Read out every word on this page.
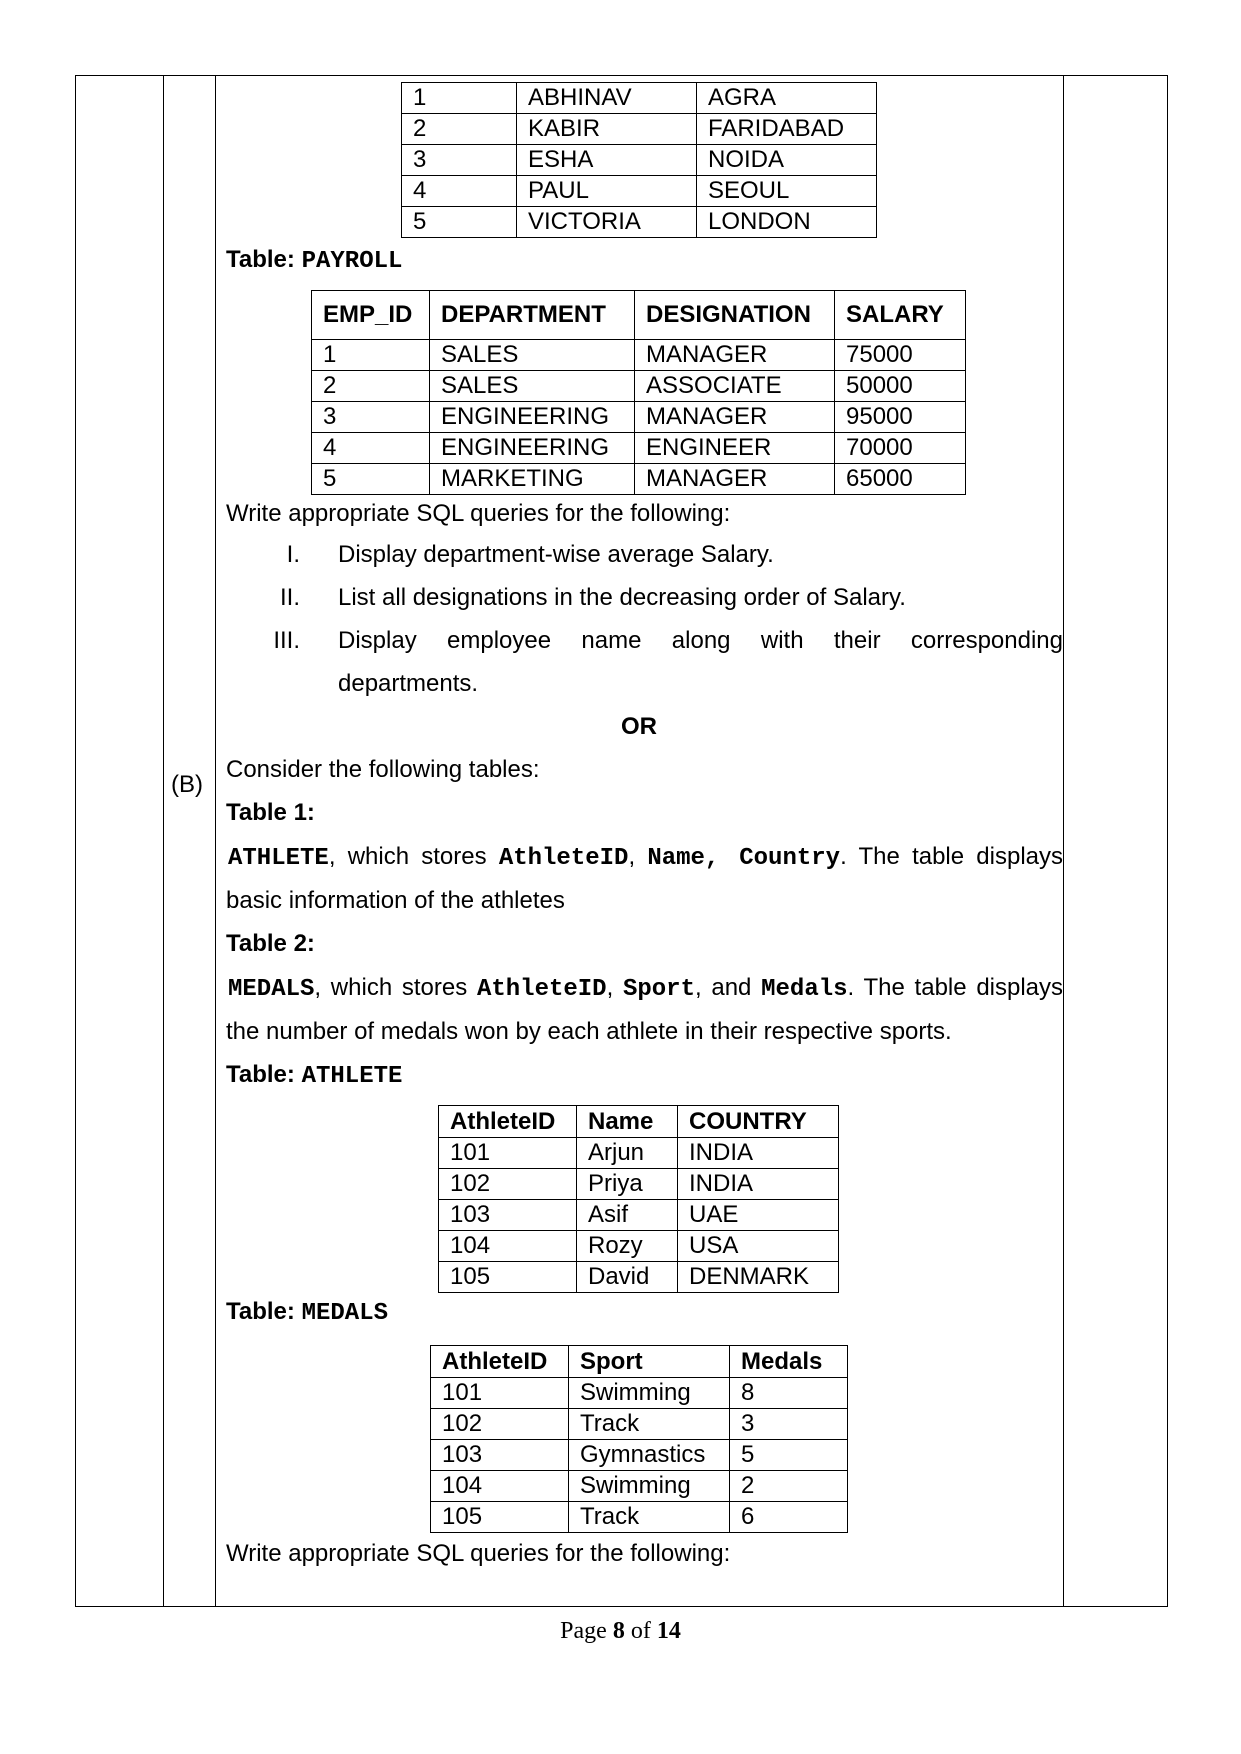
1	ABHINAV	AGRA
2	KABIR	FARIDABAD
3	ESHA	NOIDA
4	PAUL	SEOUL
5	VICTORIA	LONDON
Table: PAYROLL
EMP_ID	DEPARTMENT	DESIGNATION	SALARY
1	SALES	MANAGER	75000
2	SALES	ASSOCIATE	50000
3	ENGINEERING	MANAGER	95000
4	ENGINEERING	ENGINEER	70000
5	MARKETING	MANAGER	65000
Write appropriate SQL queries for the following:
I. Display department-wise average Salary.
II. List all designations in the decreasing order of Salary.
III. Display employee name along with their corresponding
departments.
OR
(B)
Consider the following tables:
Table 1:
ATHLETE, which stores AthleteID, Name, Country. The table displays
basic information of the athletes
Table 2:
MEDALS, which stores AthleteID, Sport, and Medals. The table displays
the number of medals won by each athlete in their respective sports.
Table: ATHLETE
AthleteID	Name	COUNTRY
101	Arjun	INDIA
102	Priya	INDIA
103	Asif	UAE
104	Rozy	USA
105	David	DENMARK
Table: MEDALS
AthleteID	Sport	Medals
101	Swimming	8
102	Track	3
103	Gymnastics	5
104	Swimming	2
105	Track	6
Write appropriate SQL queries for the following:
Page 8 of 14
